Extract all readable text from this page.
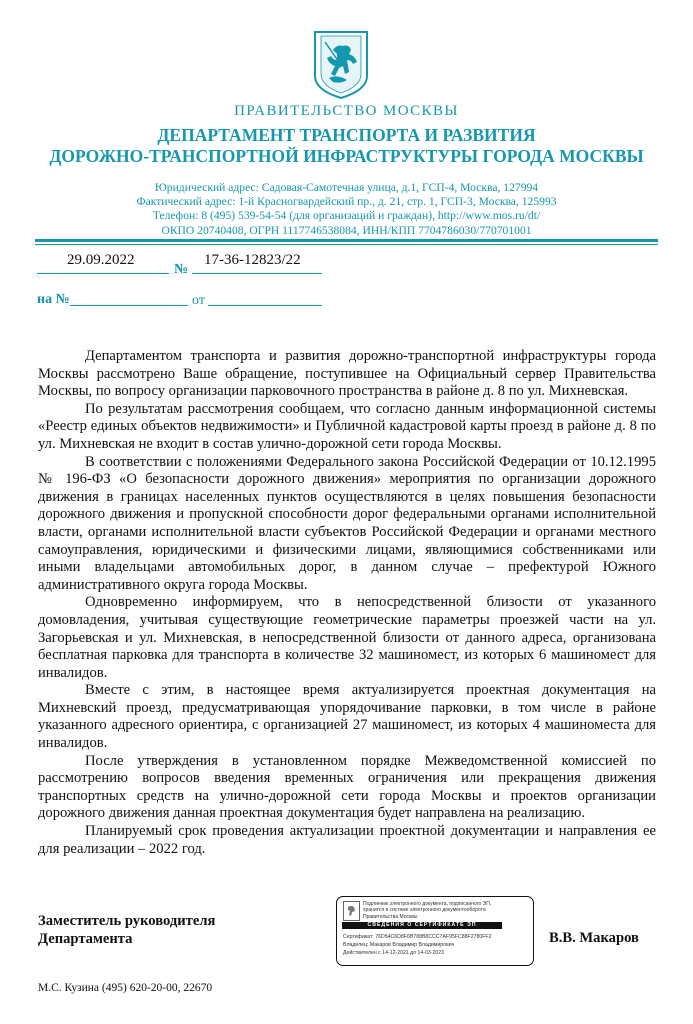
ПРАВИТЕЛЬСТВО МОСКВЫ
ДЕПАРТАМЕНТ ТРАНСПОРТА И РАЗВИТИЯ
ДОРОЖНО-ТРАНСПОРТНОЙ ИНФРАСТРУКТУРЫ ГОРОДА МОСКВЫ
Юридический адрес: Садовая-Самотечная улица, д.1, ГСП-4, Москва, 127994
Фактический адрес: 1-й Красногвардейский пр., д. 21, стр. 1, ГСП-3, Москва, 125993
Телефон: 8 (495) 539-54-54 (для организаций и граждан), http://www.mos.ru/dt/
ОКПО 20740408, ОГРН 1117746538084, ИНН/КПП 7704786030/770701001
29.09.2022
№
17-36-12823/22
на №	от

Департаментом транспорта и развития дорожно-транспортной инфраструктуры города Москвы рассмотрено Ваше обращение, поступившее на Официальный сервер Правительства Москвы, по вопросу организации парковочного пространства в районе д. 8 по ул. Михневская.

По результатам рассмотрения сообщаем, что согласно данным информационной системы «Реестр единых объектов недвижимости» и Публичной кадастровой карты проезд в районе д. 8 по ул. Михневская не входит в состав улично-дорожной сети города Москвы.

В соответствии с положениями Федерального закона Российской Федерации от 10.12.1995 № 196-ФЗ «О безопасности дорожного движения» мероприятия по организации дорожного движения в границах населенных пунктов осуществляются в целях повышения безопасности дорожного движения и пропускной способности дорог федеральными органами исполнительной власти, органами исполнительной власти субъектов Российской Федерации и органами местного самоуправления, юридическими и физическими лицами, являющимися собственниками или иными владельцами автомобильных дорог, в данном случае – префектурой Южного административного округа города Москвы.

Одновременно информируем, что в непосредственной близости от указанного домовладения, учитывая существующие геометрические параметры проезжей части на ул. Загорьевская и ул. Михневская, в непосредственной близости от данного адреса, организована бесплатная парковка для транспорта в количестве 32 машиномест, из которых 6 машиномест для инвалидов.

Вместе с этим, в настоящее время актуализируется проектная документация на Михневский проезд, предусматривающая упорядочивание парковки, в том числе в районе указанного адресного ориентира, с организацией 27 машиномест, из которых 4 машиноместа для инвалидов.

После утверждения в установленном порядке Межведомственной комиссией по рассмотрению вопросов введения временных ограничения или прекращения движения транспортных средств на улично-дорожной сети города Москвы и проектов организации дорожного движения данная проектная документация будет направлена на реализацию.

Планируемый срок проведения актуализации проектной документации и направления ее для реализации – 2022 год.

Заместитель руководителя
Департамента
Подлинник электронного документа, подписанного ЭП,
хранится в системе электронного документооборота
Правительства Москвы
СВЕДЕНИЯ О СЕРТИФИКАТЕ ЭП
Сертификат: 76D54C6D8F6B788B8CCC7AF95FC88F2780FF2
Владелец: Макаров Владимир Владимирович
Действителен с 14-12-2021 до 14-03-2023
В.В. Макаров
М.С. Кузина (495) 620-20-00, 22670
